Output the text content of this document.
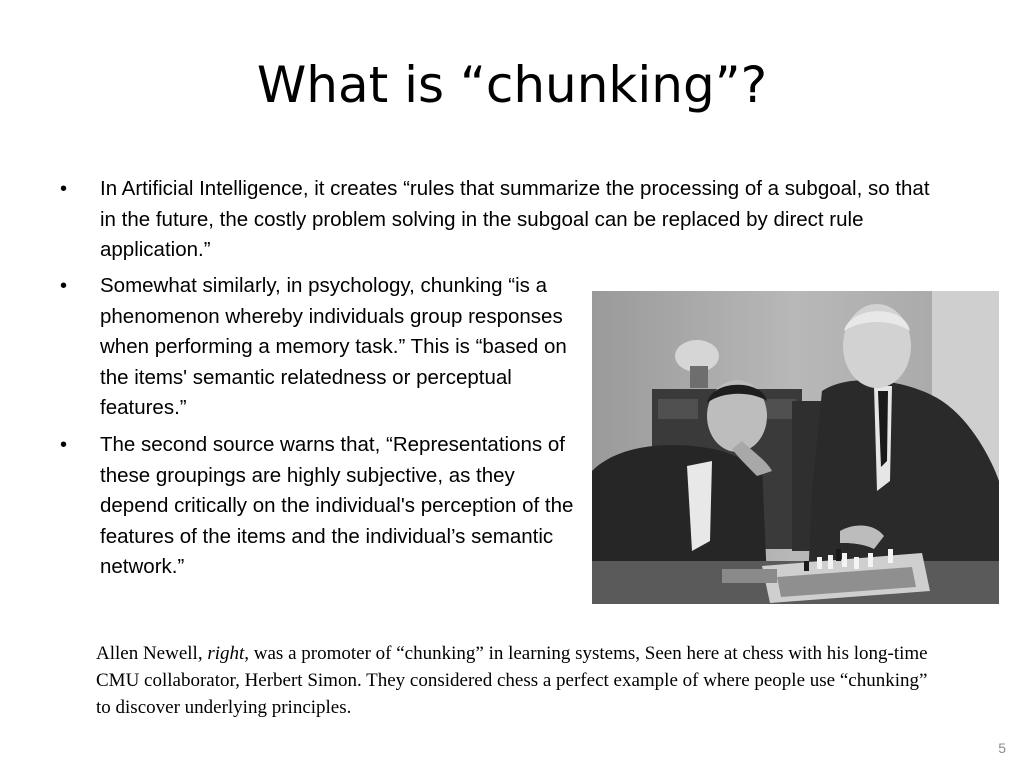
What is “chunking”?
• In Artificial Intelligence, it creates “rules that summarize the processing of a subgoal, so that in the future, the costly problem solving in the subgoal can be replaced by direct rule application.”
• Somewhat similarly, in psychology, chunking “is a phenomenon whereby individuals group responses when performing a memory task.” This is “based on the items' semantic relatedness or perceptual features.”
• The second source warns that, “Representations of these groupings are highly subjective, as they depend critically on the individual's perception of the features of the items and the individual’s semantic network.”
Allen Newell, right, was a promoter of “chunking” in learning systems, Seen here at chess with his long-time CMU collaborator, Herbert Simon. They considered chess a perfect example of where people use “chunking” to discover underlying principles.
5
